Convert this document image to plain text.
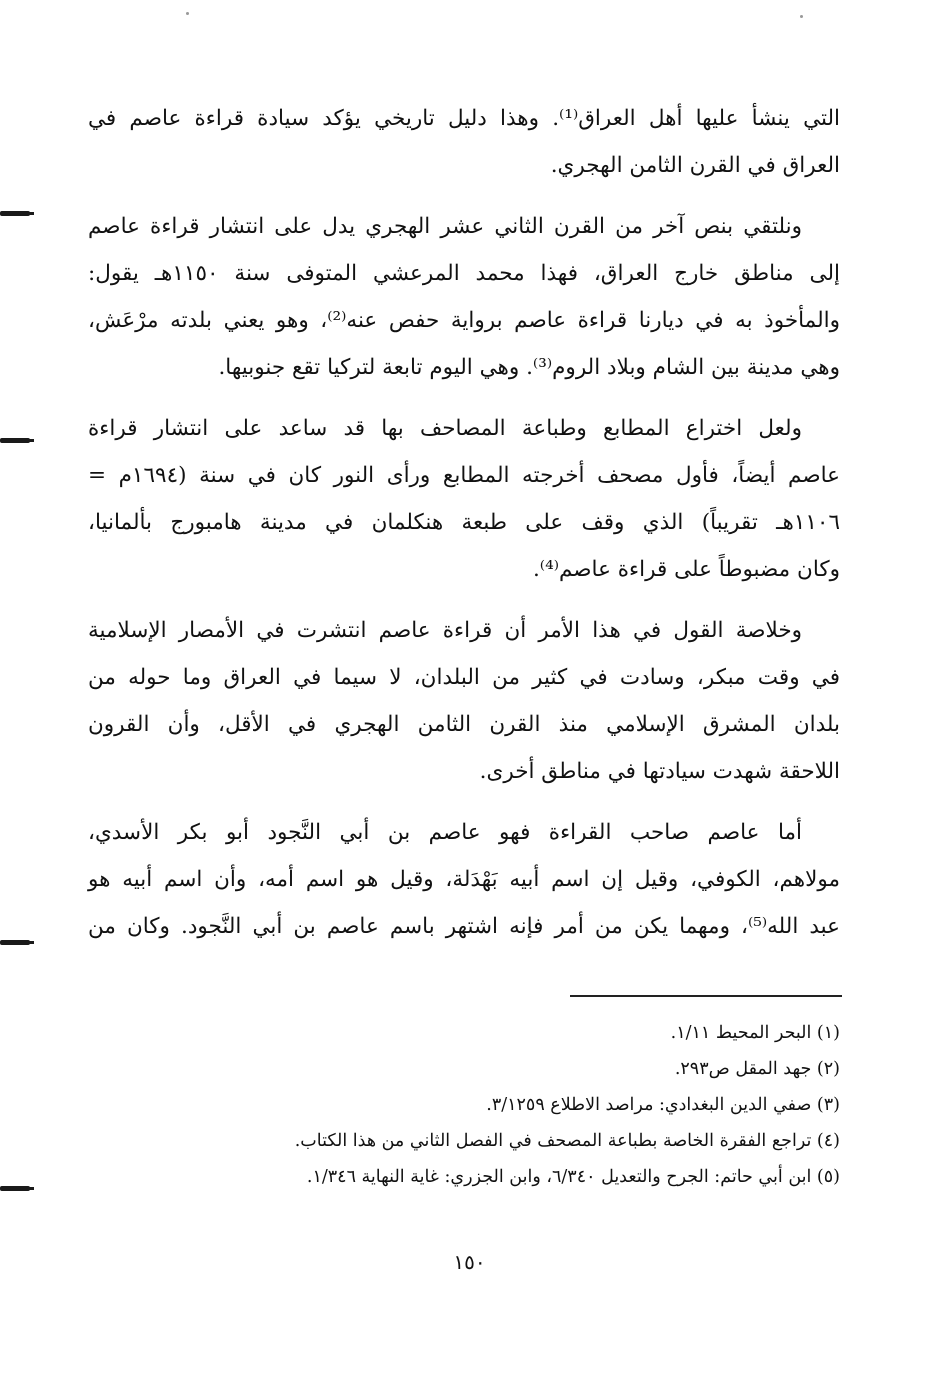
التي ينشأ عليها أهل العراق⁽¹⁾. وهذا دليل تاريخي يؤكد سيادة قراءة عاصم في
العراق في القرن الثامن الهجري.
ونلتقي بنص آخر من القرن الثاني عشر الهجري يدل على انتشار قراءة عاصم
إلى مناطق خارج العراق، فهذا محمد المرعشي المتوفى سنة ١١٥٠هـ يقول:
والمأخوذ به في ديارنا قراءة عاصم برواية حفص عنه⁽²⁾، وهو يعني بلدته مرْعَش،
وهي مدينة بين الشام وبلاد الروم⁽³⁾. وهي اليوم تابعة لتركيا تقع جنوبيها.
ولعل اختراع المطابع وطباعة المصاحف بها قد ساعد على انتشار قراءة
عاصم أيضاً، فأول مصحف أخرجته المطابع ورأى النور كان في سنة (١٦٩٤م =
١١٠٦هـ تقريباً) الذي وقف على طبعة هنكلمان في مدينة هامبورج بألمانيا،
وكان مضبوطاً على قراءة عاصم⁽⁴⁾.
وخلاصة القول في هذا الأمر أن قراءة عاصم انتشرت في الأمصار الإسلامية
في وقت مبكر، وسادت في كثير من البلدان، لا سيما في العراق وما حوله من
بلدان المشرق الإسلامي منذ القرن الثامن الهجري في الأقل، وأن القرون
اللاحقة شهدت سيادتها في مناطق أخرى.
أما عاصم صاحب القراءة فهو عاصم بن أبي النَّجود أبو بكر الأسدي،
مولاهم، الكوفي، وقيل إن اسم أبيه بَهْدَلة، وقيل هو اسم أمه، وأن اسم أبيه هو
عبد الله⁽⁵⁾، ومهما يكن من أمر فإنه اشتهر باسم عاصم بن أبي النَّجود. وكان من
(١) البحر المحيط ١/١١.
(٢) جهد المقل ص٢٩٣.
(٣) صفي الدين البغدادي: مراصد الاطلاع ٣/١٢٥٩.
(٤) تراجع الفقرة الخاصة بطباعة المصحف في الفصل الثاني من هذا الكتاب.
(٥) ابن أبي حاتم: الجرح والتعديل ٦/٣٤٠، وابن الجزري: غاية النهاية ١/٣٤٦.
١٥٠
